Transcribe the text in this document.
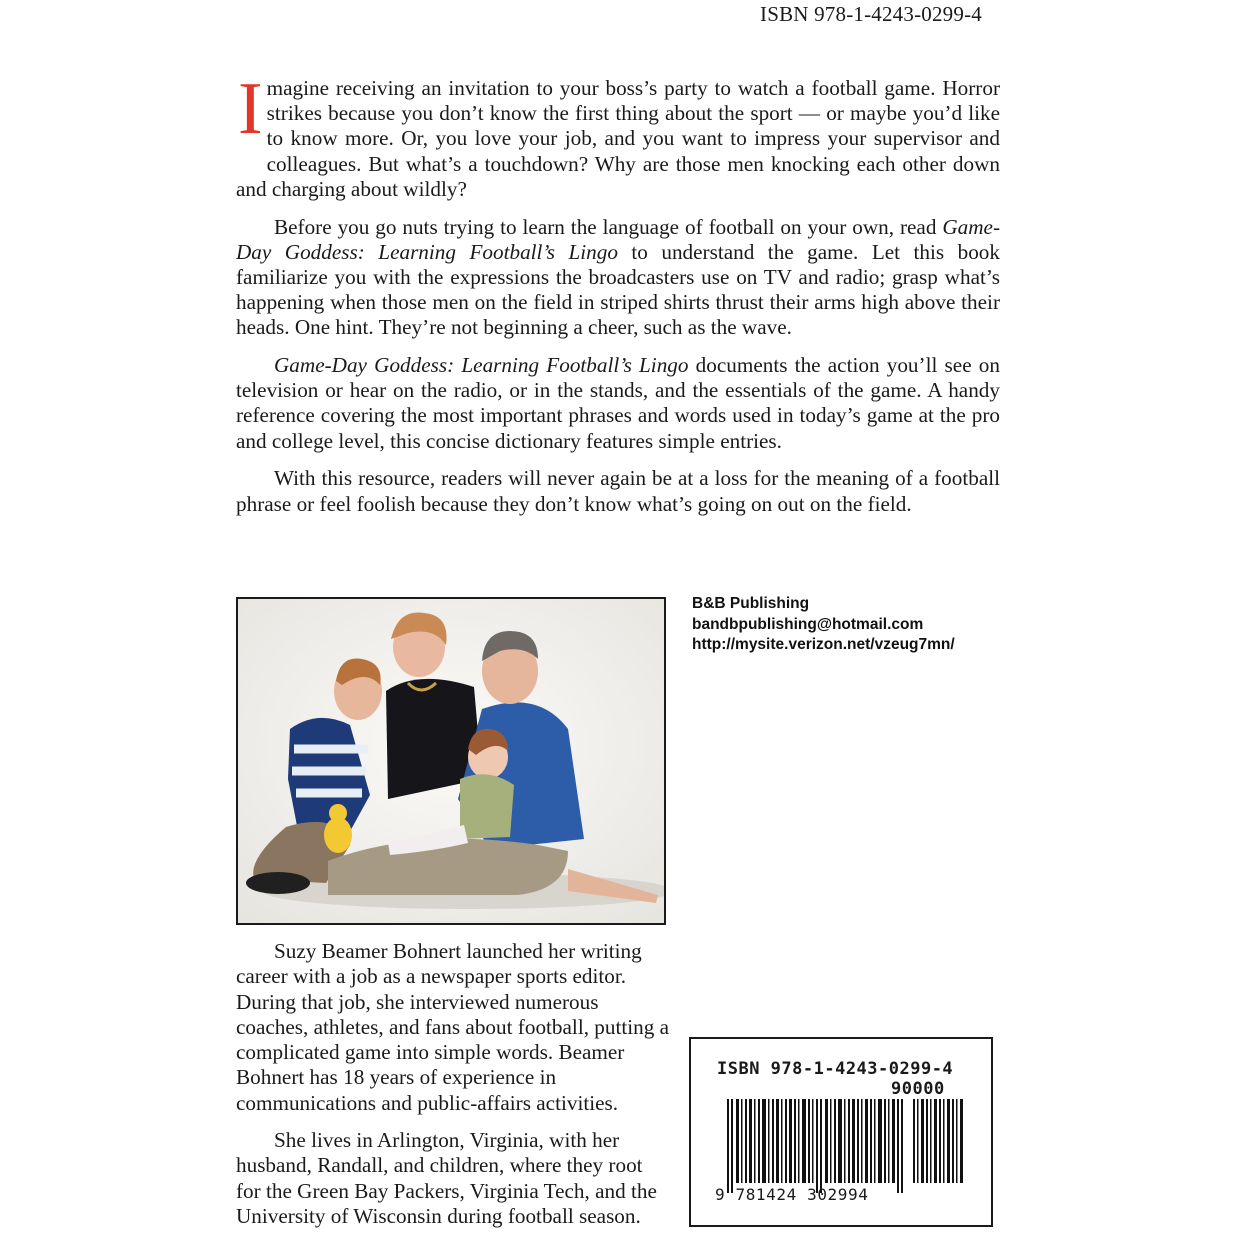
ISBN 978-1-4243-0299-4

Imagine receiving an invitation to your boss’s party to watch a football game. Horror strikes because you don’t know the first thing about the sport — or maybe you’d like to know more. Or, you love your job, and you want to impress your supervisor and colleagues. But what’s a touchdown? Why are those men knocking each other down and charging about wildly?

Before you go nuts trying to learn the language of football on your own, read Game-Day Goddess: Learning Football’s Lingo to understand the game. Let this book familiarize you with the expressions the broadcasters use on TV and radio; grasp what’s happening when those men on the field in striped shirts thrust their arms high above their heads. One hint. They’re not beginning a cheer, such as the wave.

Game-Day Goddess: Learning Football’s Lingo documents the action you’ll see on television or hear on the radio, or in the stands, and the essentials of the game. A handy reference covering the most important phrases and words used in today’s game at the pro and college level, this concise dictionary features simple entries.

With this resource, readers will never again be at a loss for the meaning of a football phrase or feel foolish because they don’t know what’s going on out on the field.

B&B Publishing
bandbpublishing@hotmail.com
http://mysite.verizon.net/vzeug7mn/

Suzy Beamer Bohnert launched her writing career with a job as a newspaper sports editor. During that job, she interviewed numerous coaches, athletes, and fans about football, putting a complicated game into simple words. Beamer Bohnert has 18 years of experience in communications and public-affairs activities.

She lives in Arlington, Virginia, with her husband, Randall, and children, where they root for the Green Bay Packers, Virginia Tech, and the University of Wisconsin during football season.

ISBN 978-1-4243-0299-4
90000
9 781424 302994
